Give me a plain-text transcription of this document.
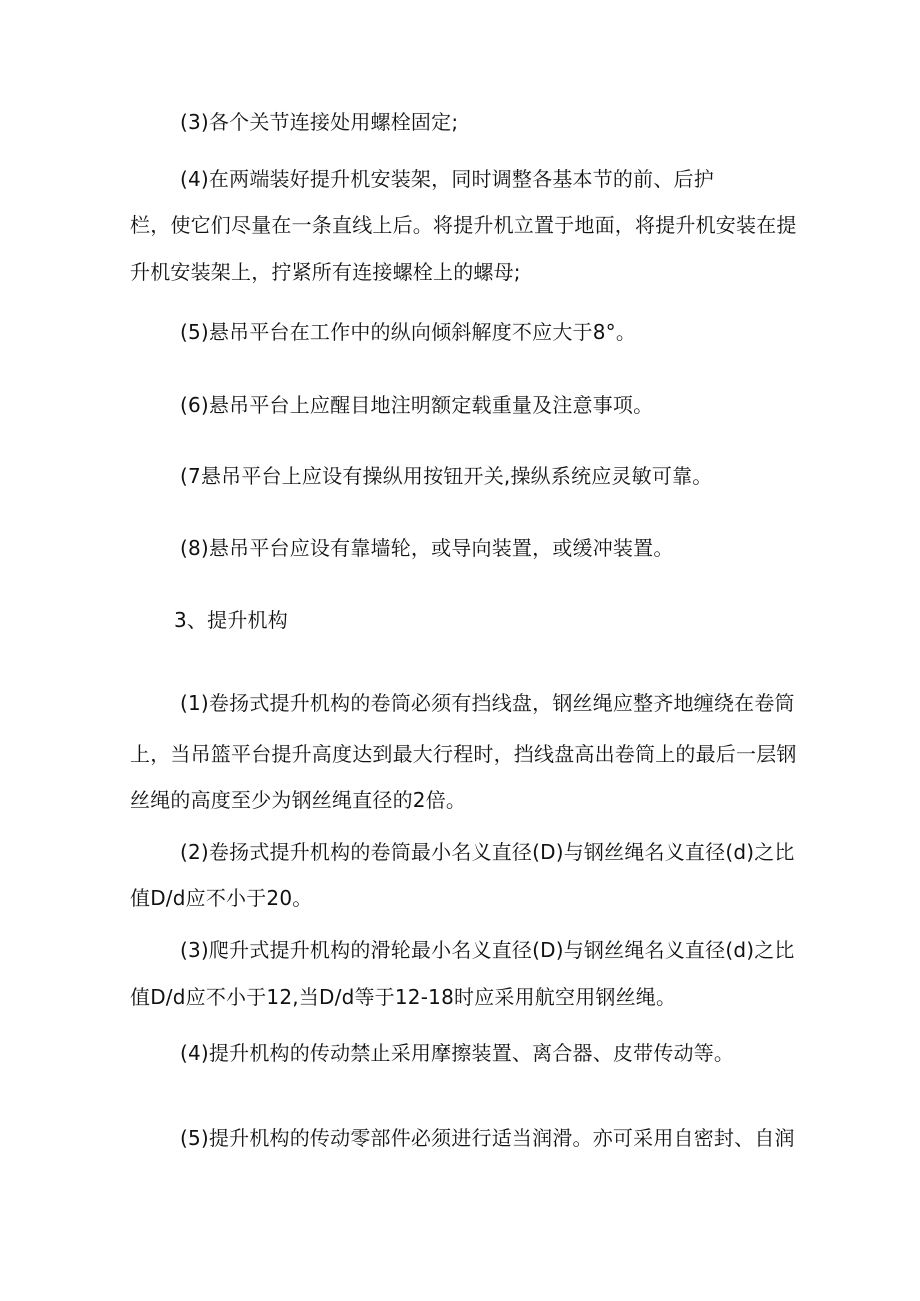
(3)各个关节连接处用螺栓固定;
(4)在两端装好提升机安装架，同时调整各基本节的前、后护
栏，使它们尽量在一条直线上后。将提升机立置于地面，将提升机安装在提
升机安装架上，拧紧所有连接螺栓上的螺母;
(5)悬吊平台在工作中的纵向倾斜解度不应大于8°。
(6)悬吊平台上应醒目地注明额定载重量及注意事项。
(7悬吊平台上应设有操纵用按钮开关,操纵系统应灵敏可靠。
(8)悬吊平台应设有靠墙轮，或导向装置，或缓冲装置。
3、提升机构
(1)卷扬式提升机构的卷筒必须有挡线盘，钢丝绳应整齐地缠绕在卷筒
上，当吊篮平台提升高度达到最大行程时，挡线盘高出卷筒上的最后一层钢
丝绳的高度至少为钢丝绳直径的2倍。
(2)卷扬式提升机构的卷筒最小名义直径(D)与钢丝绳名义直径(d)之比
值D/d应不小于20。
(3)爬升式提升机构的滑轮最小名义直径(D)与钢丝绳名义直径(d)之比
值D/d应不小于12,当D/d等于12-18时应采用航空用钢丝绳。
(4)提升机构的传动禁止采用摩擦装置、离合器、皮带传动等。
(5)提升机构的传动零部件必须进行适当润滑。亦可采用自密封、自润
